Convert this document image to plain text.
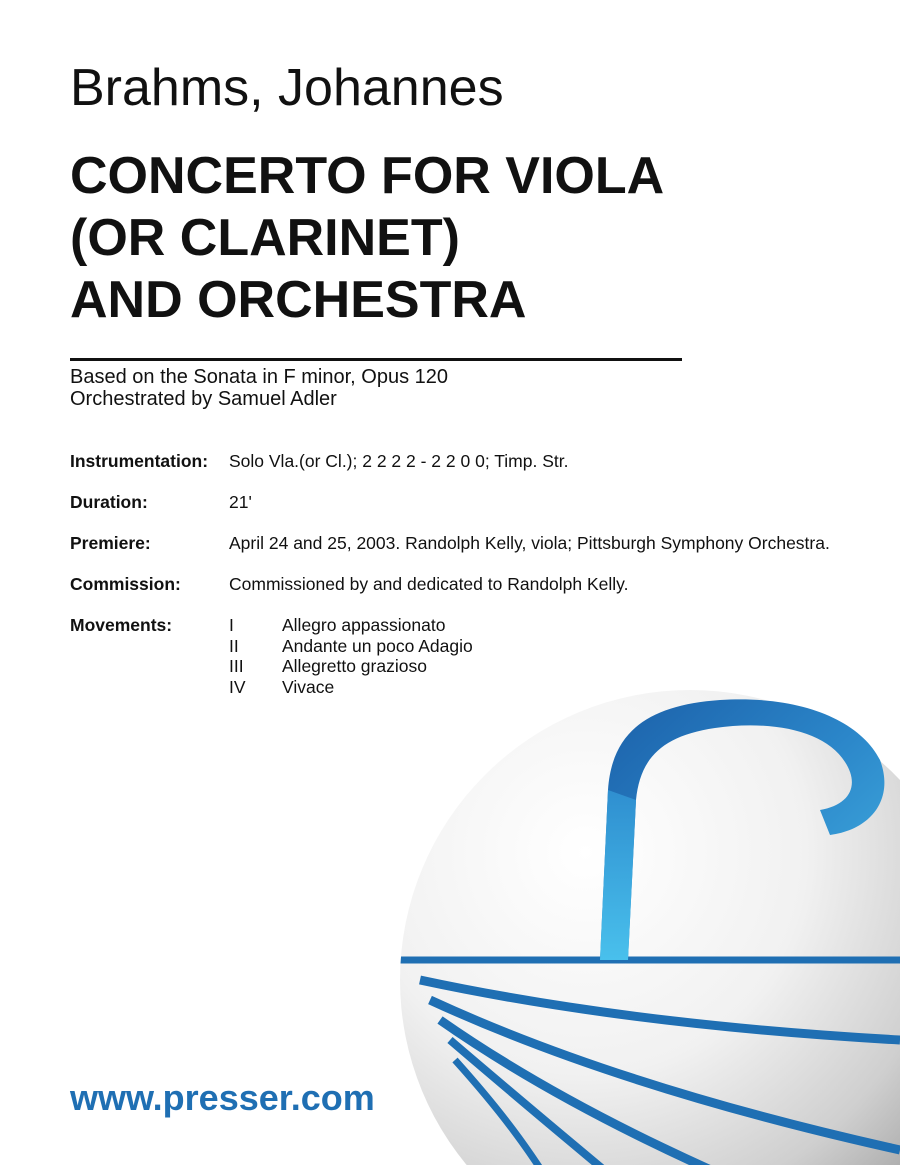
Brahms, Johannes
CONCERTO FOR VIOLA
(OR CLARINET)
AND ORCHESTRA
Based on the Sonata in F minor, Opus 120
Orchestrated by Samuel Adler
Instrumentation: Solo Vla.(or Cl.); 2 2 2 2 - 2 2 0 0; Timp. Str.
Duration:	21'
Premiere:	April 24 and 25, 2003. Randolph Kelly, viola; Pittsburgh Symphony Orchestra.
Commission:	Commissioned by and dedicated to Randolph Kelly.
Movements:	I	Allegro appassionato
II	Andante un poco Adagio
III	Allegretto grazioso
IV	Vivace
www.presser.com
